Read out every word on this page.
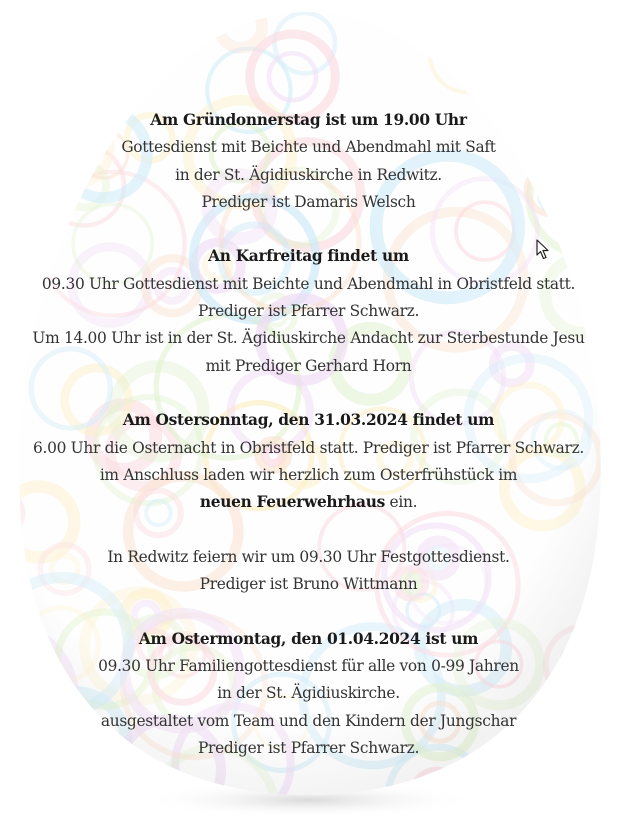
Am Gründonnerstag ist um 19.00 Uhr
Gottesdienst mit Beichte und Abendmahl mit Saft
in der St. Ägidiuskirche in Redwitz.
Prediger ist Damaris Welsch
An Karfreitag findet um
09.30 Uhr Gottesdienst mit Beichte und Abendmahl in Obristfeld statt.
Prediger ist Pfarrer Schwarz.
Um 14.00 Uhr ist in der St. Ägidiuskirche Andacht zur Sterbestunde Jesu
mit Prediger Gerhard Horn
Am Ostersonntag, den 31.03.2024 findet um
6.00 Uhr die Osternacht in Obristfeld statt. Prediger ist Pfarrer Schwarz.
im Anschluss laden wir herzlich zum Osterfrühstück im
neuen Feuerwehrhaus ein.
In Redwitz feiern wir um 09.30 Uhr Festgottesdienst.
Prediger ist Bruno Wittmann
Am Ostermontag, den 01.04.2024 ist um
09.30 Uhr Familiengottesdienst für alle von 0-99 Jahren
in der St. Ägidiuskirche.
ausgestaltet vom Team und den Kindern der Jungschar
Prediger ist Pfarrer Schwarz.
